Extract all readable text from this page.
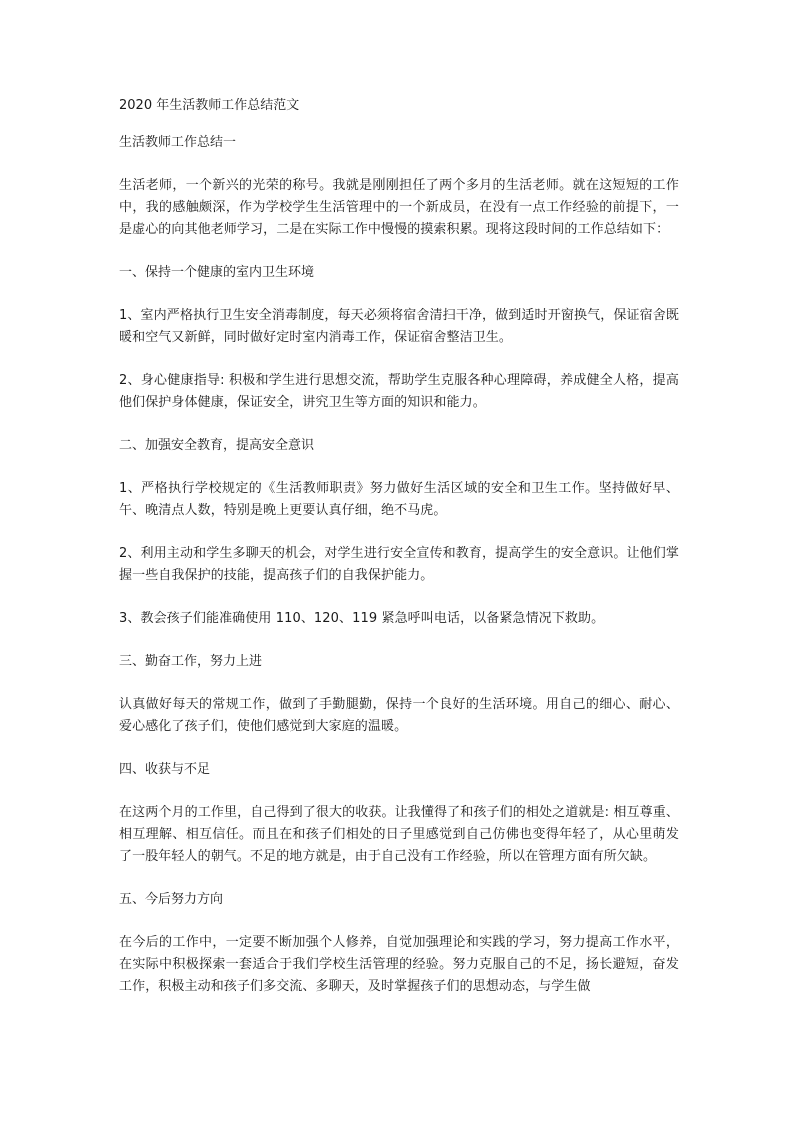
2020 年生活教师工作总结范文
生活教师工作总结一
生活老师，一个新兴的光荣的称号。我就是刚刚担任了两个多月的生活老师。就在这短短的工作中，我的感触颇深，作为学校学生生活管理中的一个新成员，在没有一点工作经验的前提下，一是虚心的向其他老师学习，二是在实际工作中慢慢的摸索积累。现将这段时间的工作总结如下：
一、保持一个健康的室内卫生环境
1、室内严格执行卫生安全消毒制度，每天必须将宿舍清扫干净，做到适时开窗换气，保证宿舍既暖和空气又新鲜，同时做好定时室内消毒工作，保证宿舍整洁卫生。
2、身心健康指导: 积极和学生进行思想交流，帮助学生克服各种心理障碍，养成健全人格，提高他们保护身体健康，保证安全，讲究卫生等方面的知识和能力。
二、加强安全教育，提高安全意识
1、严格执行学校规定的《生活教师职责》努力做好生活区域的安全和卫生工作。坚持做好早、午、晚清点人数，特别是晚上更要认真仔细，绝不马虎。
2、利用主动和学生多聊天的机会，对学生进行安全宣传和教育，提高学生的安全意识。让他们掌握一些自我保护的技能，提高孩子们的自我保护能力。
3、教会孩子们能准确使用 110、120、119 紧急呼叫电话，以备紧急情况下救助。
三、勤奋工作，努力上进
认真做好每天的常规工作，做到了手勤腿勤，保持一个良好的生活环境。用自己的细心、耐心、爱心感化了孩子们，使他们感觉到大家庭的温暖。
四、收获与不足
在这两个月的工作里，自己得到了很大的收获。让我懂得了和孩子们的相处之道就是: 相互尊重、相互理解、相互信任。而且在和孩子们相处的日子里感觉到自己仿佛也变得年轻了，从心里萌发了一股年轻人的朝气。不足的地方就是，由于自己没有工作经验，所以在管理方面有所欠缺。
五、今后努力方向
在今后的工作中，一定要不断加强个人修养，自觉加强理论和实践的学习，努力提高工作水平，在实际中积极探索一套适合于我们学校生活管理的经验。努力克服自己的不足，扬长避短，奋发工作，积极主动和孩子们多交流、多聊天，及时掌握孩子们的思想动态，与学生做
